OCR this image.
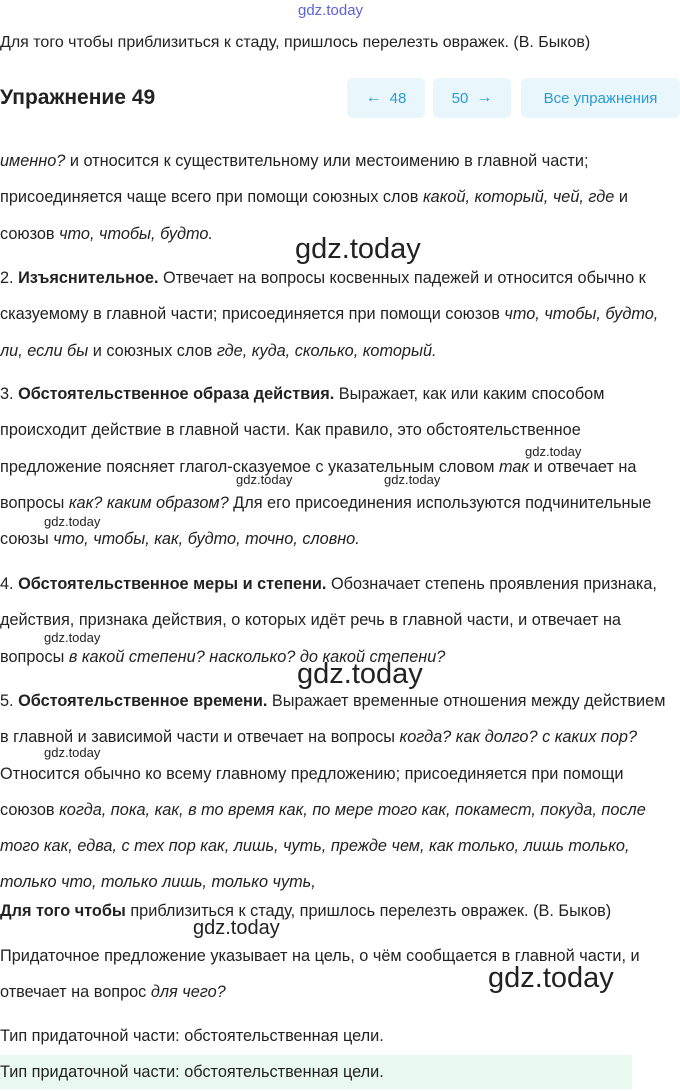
gdz.today
Для того чтобы приблизиться к стаду, пришлось перелезть овражек. (В. Быков)
Упражнение 49	← 48	50 →	Все упражнения
именно? и относится к существительному или местоимению в главной части; присоединяется чаще всего при помощи союзных слов какой, который, чей, где и союзов что, чтобы, будто.
2. Изъяснительное. Отвечает на вопросы косвенных падежей и относится обычно к сказуемому в главной части; присоединяется при помощи союзов что, чтобы, будто, ли, если бы и союзных слов где, куда, сколько, который.
3. Обстоятельственное образа действия. Выражает, как или каким способом происходит действие в главной части. Как правило, это обстоятельственное предложение поясняет глагол-сказуемое с указательным словом так и отвечает на вопросы как? каким образом? Для его присоединения используются подчинительные союзы что, чтобы, как, будто, точно, словно.
4. Обстоятельственное меры и степени. Обозначает степень проявления признака, действия, признака действия, о которых идёт речь в главной части, и отвечает на вопросы в какой степени? насколько? до какой степени?
5. Обстоятельственное времени. Выражает временные отношения между действием в главной и зависимой части и отвечает на вопросы когда? как долго? с каких пор? Относится обычно ко всему главному предложению; присоединяется при помощи союзов когда, пока, как, в то время как, по мере того как, покамест, покуда, после того как, едва, с тех пор как, лишь, чуть, прежде чем, как только, лишь только, только что, только лишь, только чуть,
Для того чтобы приблизиться к стаду, пришлось перелезть овражек. (В. Быков)
Придаточное предложение указывает на цель, о чём сообщается в главной части, и отвечает на вопрос для чего?
Тип придаточной части: обстоятельственная цели.
Тип придаточной части: обстоятельственная цели.
gdz.today
gdz.today
gdz.today	gdz.today
gdz.today
gdz.today
gdz.today
gdz.today
gdz.today
gdz.today
